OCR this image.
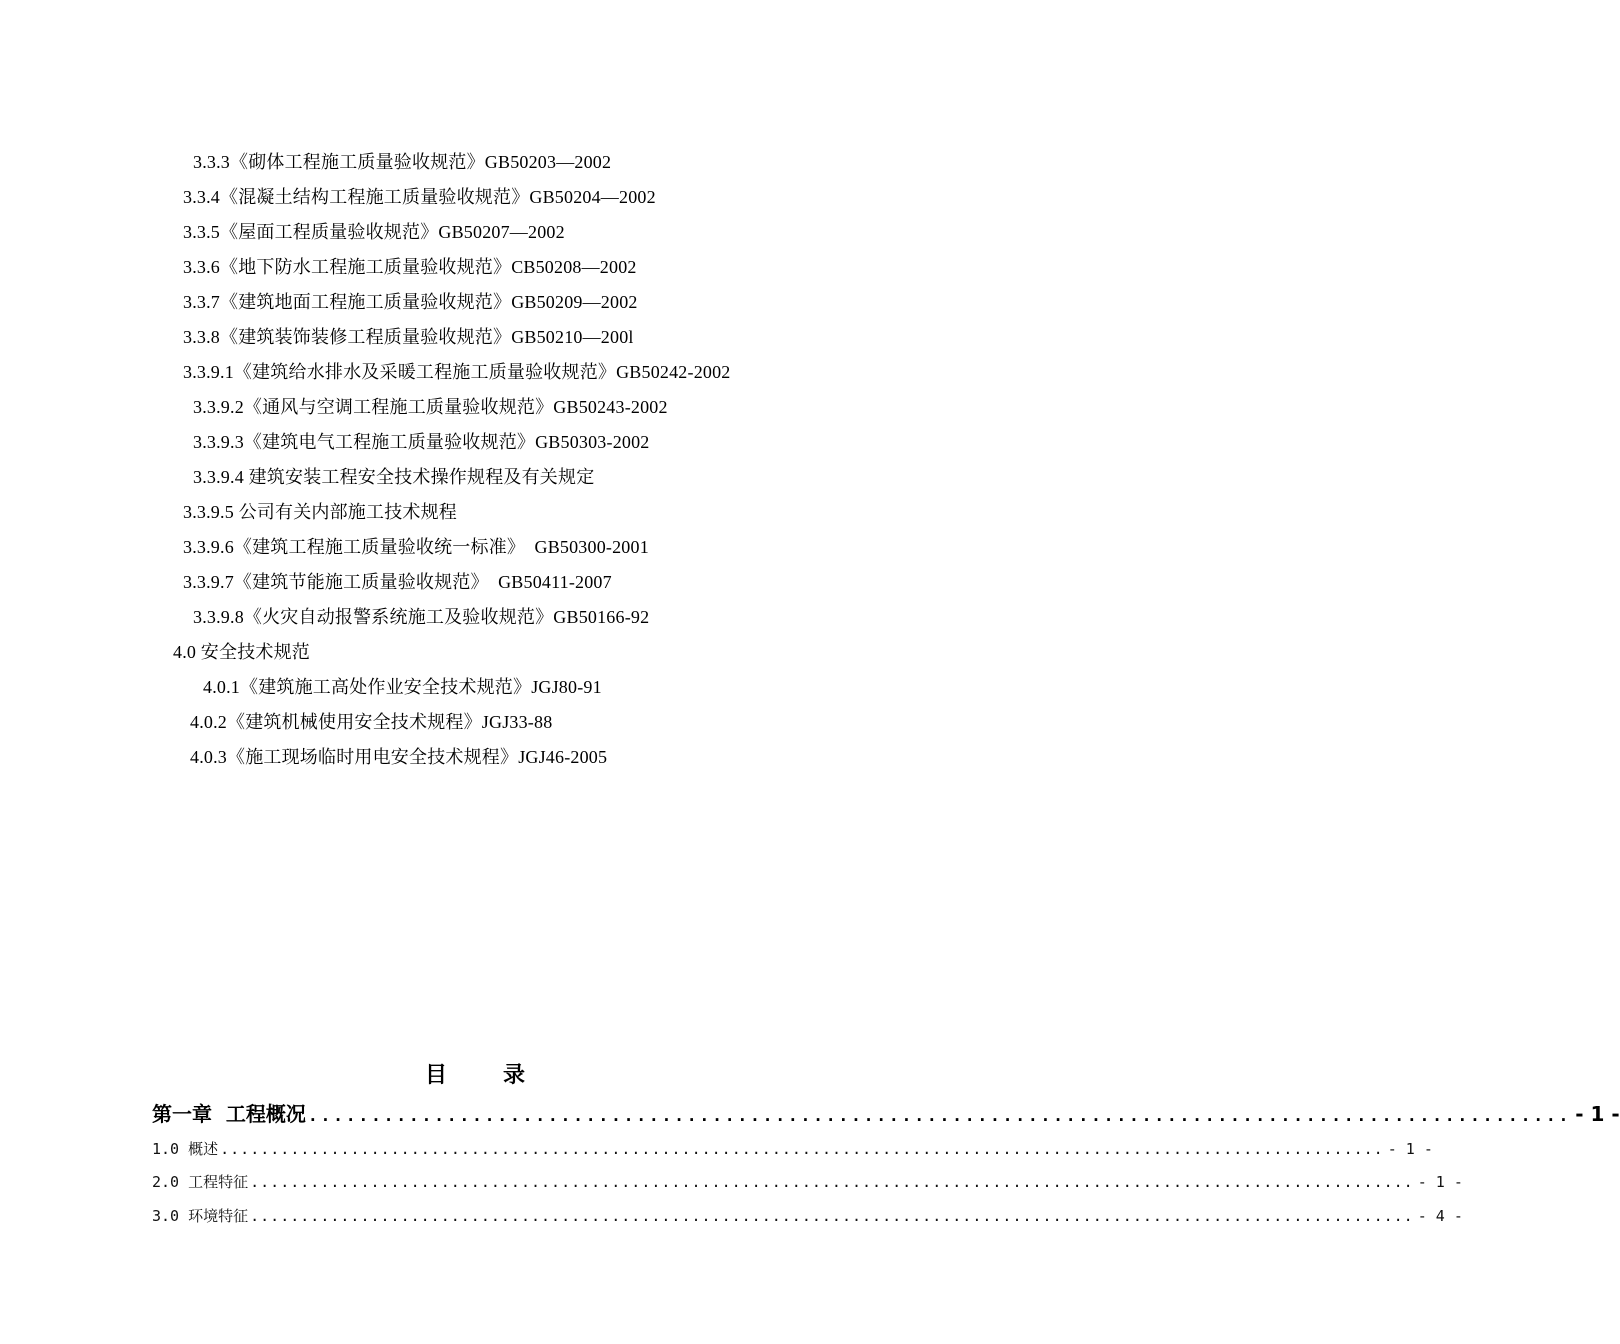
3.3.3《砌体工程施工质量验收规范》GB50203—2002
3.3.4《混凝土结构工程施工质量验收规范》GB50204—2002
3.3.5《屋面工程质量验收规范》GB50207—2002
3.3.6《地下防水工程施工质量验收规范》CB50208—2002
3.3.7《建筑地面工程施工质量验收规范》GB50209—2002
3.3.8《建筑装饰装修工程质量验收规范》GB50210—200l
3.3.9.1《建筑给水排水及采暖工程施工质量验收规范》GB50242-2002
3.3.9.2《通风与空调工程施工质量验收规范》GB50243-2002
3.3.9.3《建筑电气工程施工质量验收规范》GB50303-2002
3.3.9.4 建筑安装工程安全技术操作规程及有关规定
3.3.9.5 公司有关内部施工技术规程
3.3.9.6《建筑工程施工质量验收统一标准》  GB50300-2001
3.3.9.7《建筑节能施工质量验收规范》  GB50411-2007
3.3.9.8《火灾自动报警系统施工及验收规范》GB50166-92
4.0 安全技术规范
4.0.1《建筑施工高处作业安全技术规范》JGJ80-91
4.0.2《建筑机械使用安全技术规程》JGJ33-88
4.0.3《施工现场临时用电安全技术规程》JGJ46-2005
目	录
第一章  工程概况 .................................................................................................... - 1 -
1.0 概述 .................................................................................................................... - 1 -
2.0 工程特征 .................................................................................................................... - 1 -
3.0 环境特征 .................................................................................................................... - 4 -
